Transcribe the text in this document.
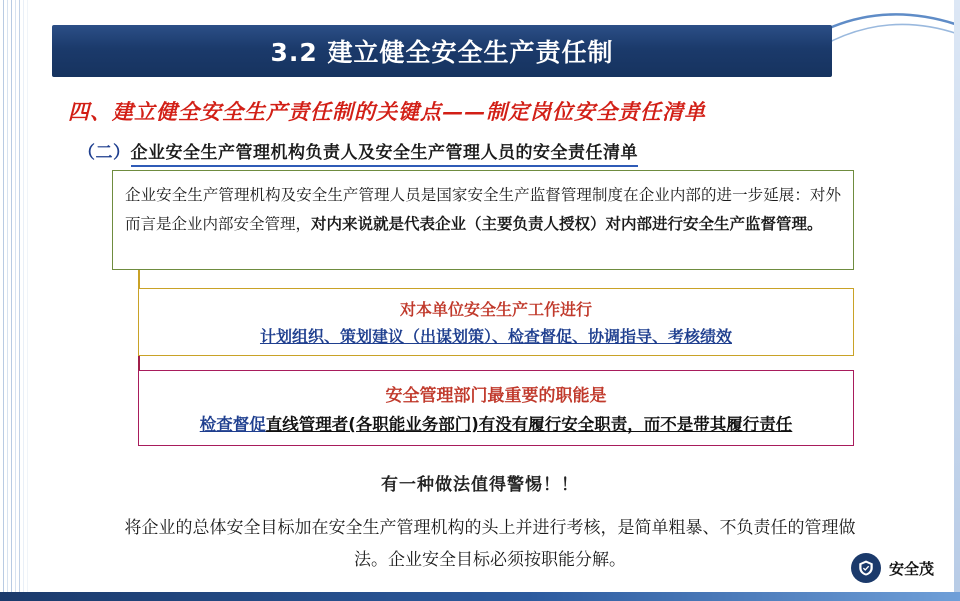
3.2 建立健全安全生产责任制
四、建立健全安全生产责任制的关键点——制定岗位安全责任清单
（二）企业安全生产管理机构负责人及安全生产管理人员的安全责任清单

企业安全生产管理机构及安全生产管理人员是国家安全生产监督管理制度在企业内部的进一步延展：对外而言是企业内部安全管理，对内来说就是代表企业（主要负责人授权）对内部进行安全生产监督管理。

对本单位安全生产工作进行
计划组织、策划建议（出谋划策）、检查督促、协调指导、考核绩效
安全管理部门最重要的职能是
检查督促直线管理者(各职能业务部门)有没有履行安全职责，而不是带其履行责任
有一种做法值得警惕！！
将企业的总体安全目标加在安全生产管理机构的头上并进行考核，是简单粗暴、不负责任的管理做法。企业安全目标必须按职能分解。	安全茂
